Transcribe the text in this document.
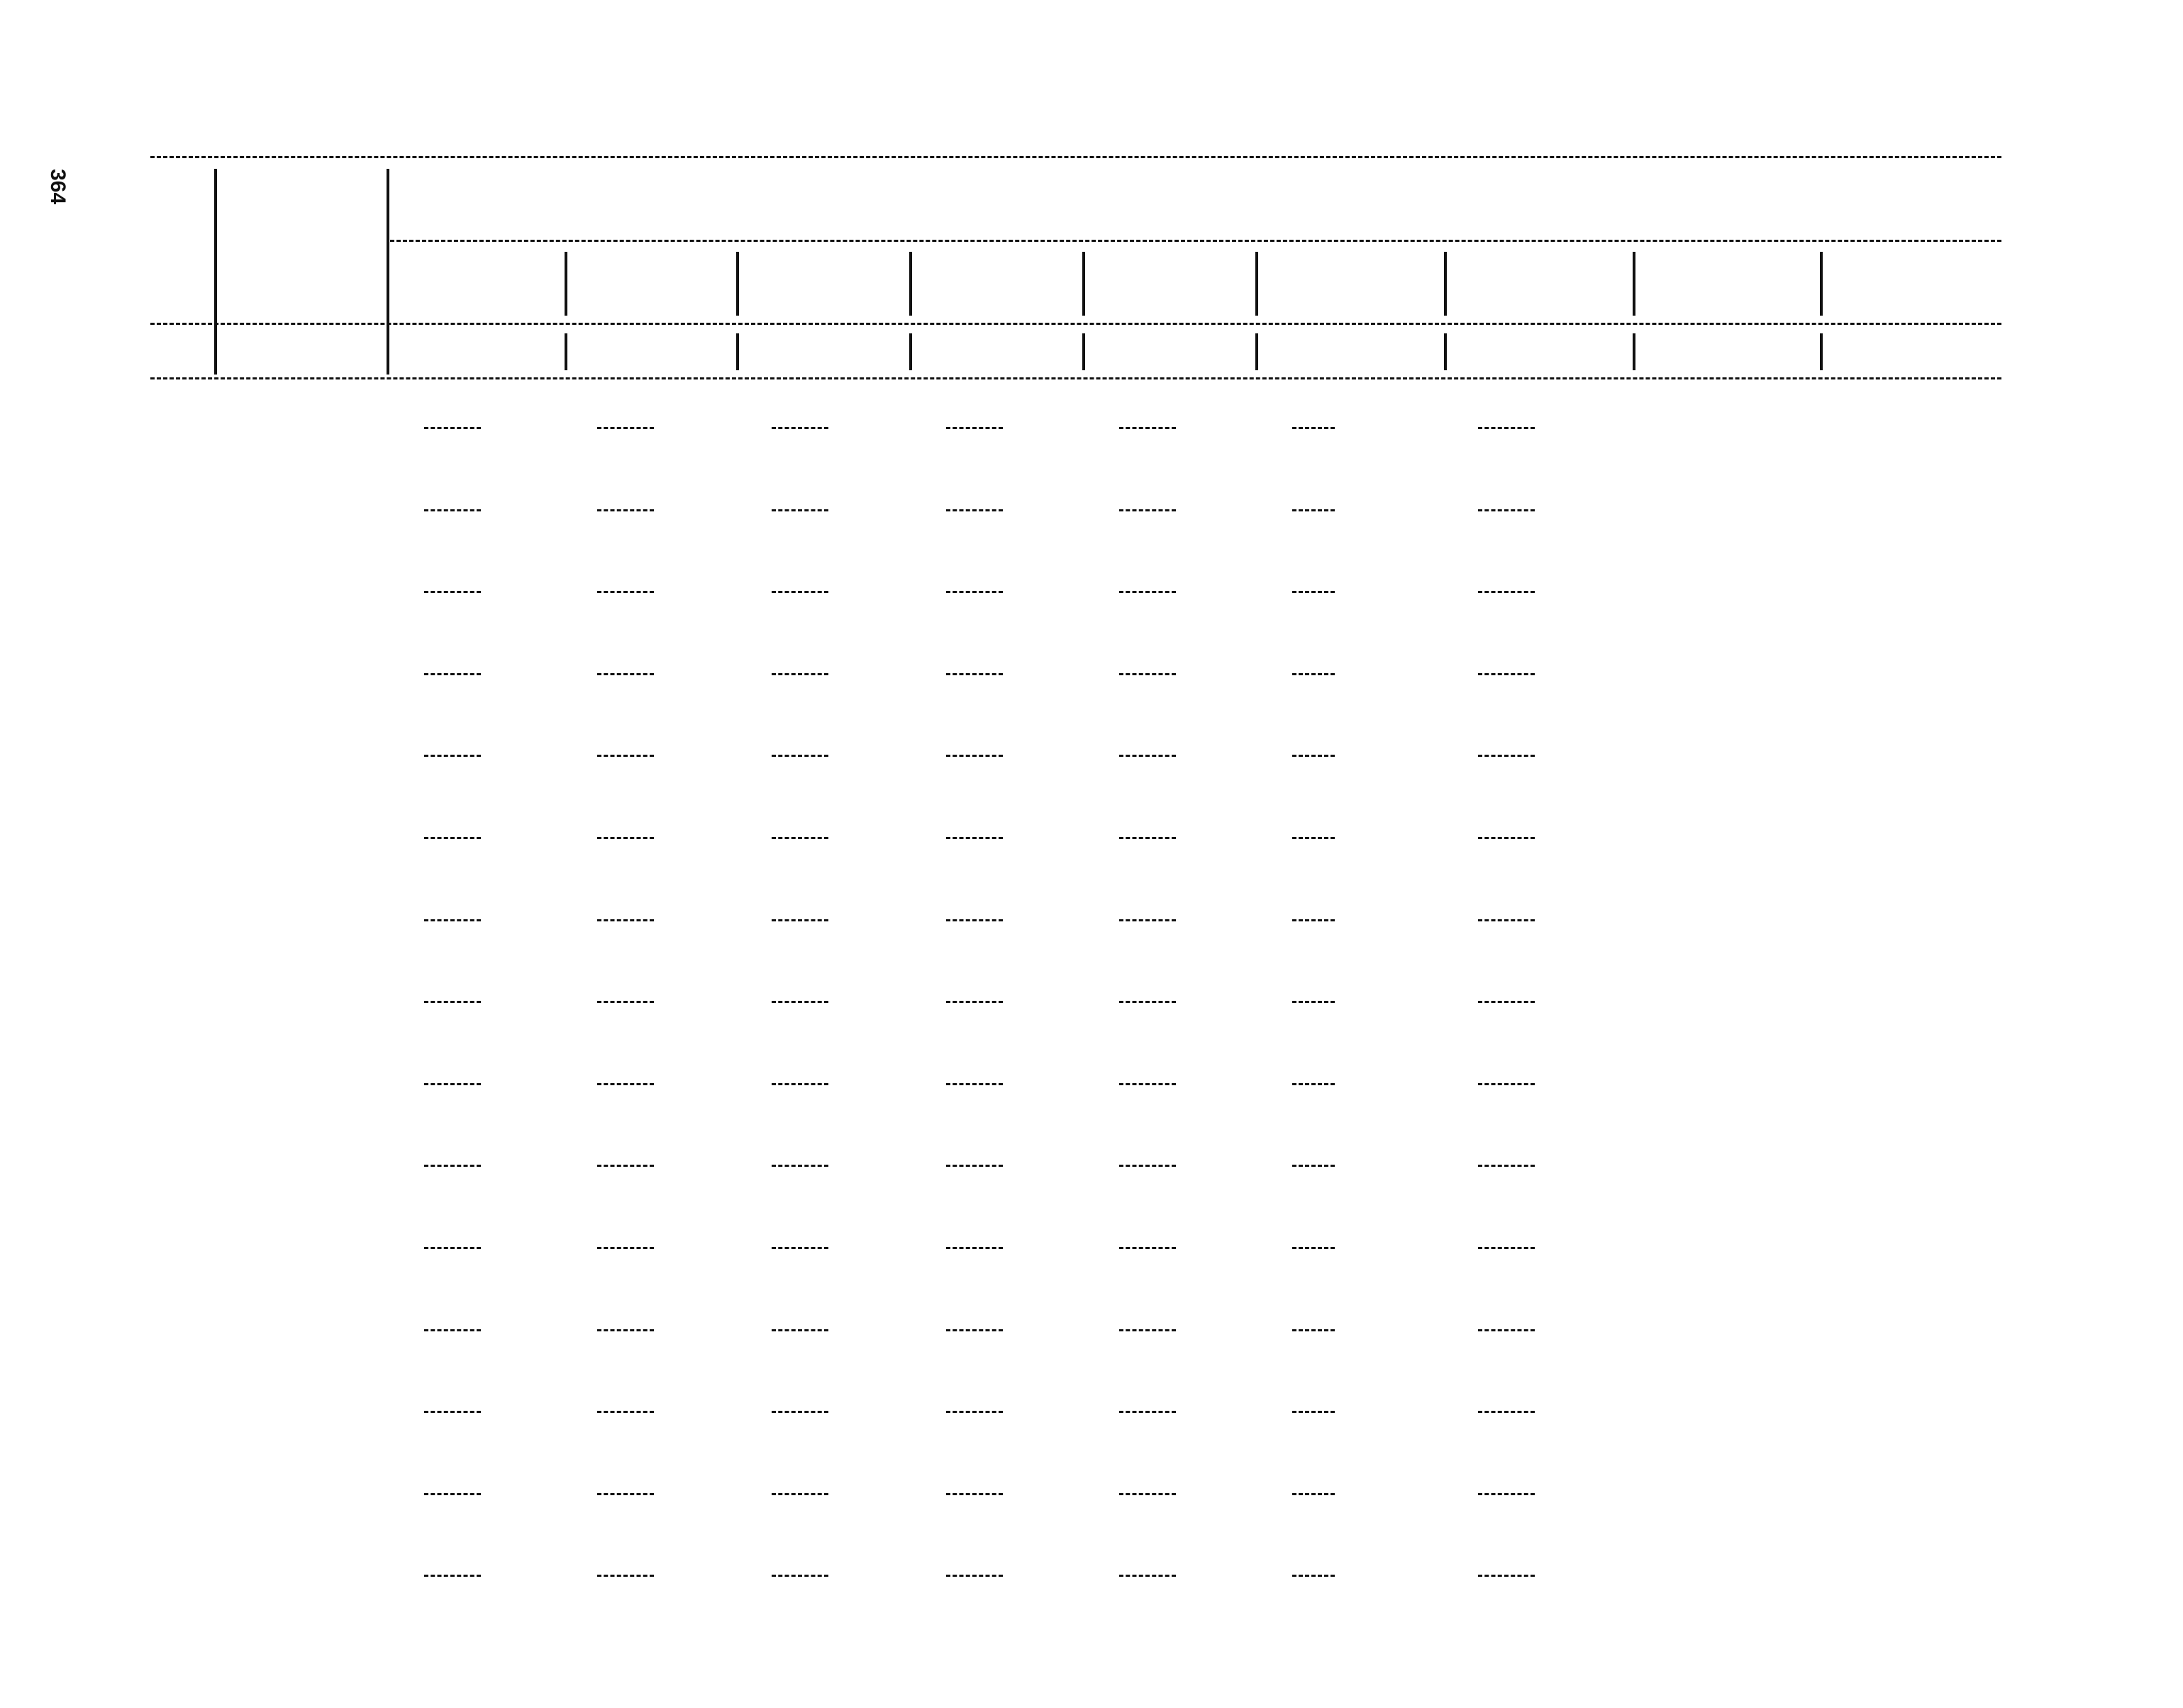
364
